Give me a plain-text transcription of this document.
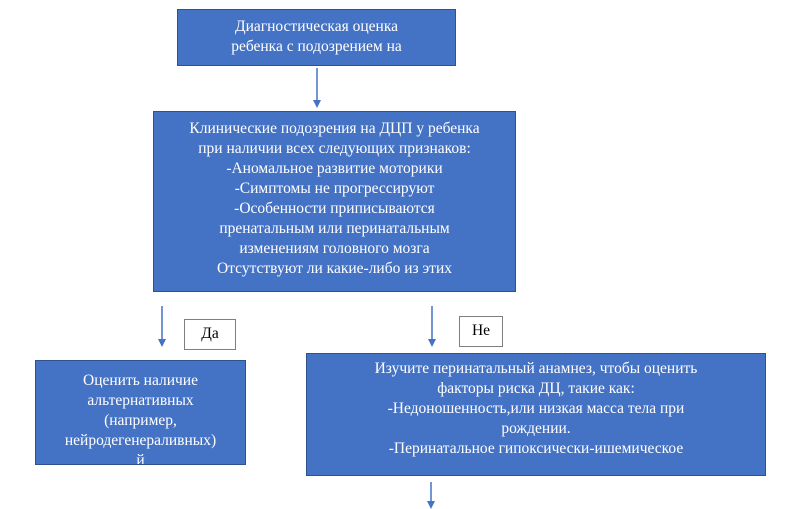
Диагностическая оценка
ребенка с подозрением на
Клинические подозрения на ДЦП у ребенка
при наличии всех следующих признаков:
-Аномальное развитие моторики
-Симптомы не прогрессируют
-Особенности приписываются
пренатальным или перинатальным
изменениям головного мозга
Отсутствуют ли какие-либо из этих
Да	Не
Оценить наличие
альтернативных
(например,
нейродегенераливных)
й
Изучите перинатальный анамнез, чтобы оценить
факторы риска ДЦ, такие как:
-Недоношенность,или низкая масса тела при
рождении.
-Перинатальное гипоксически-ишемическое
